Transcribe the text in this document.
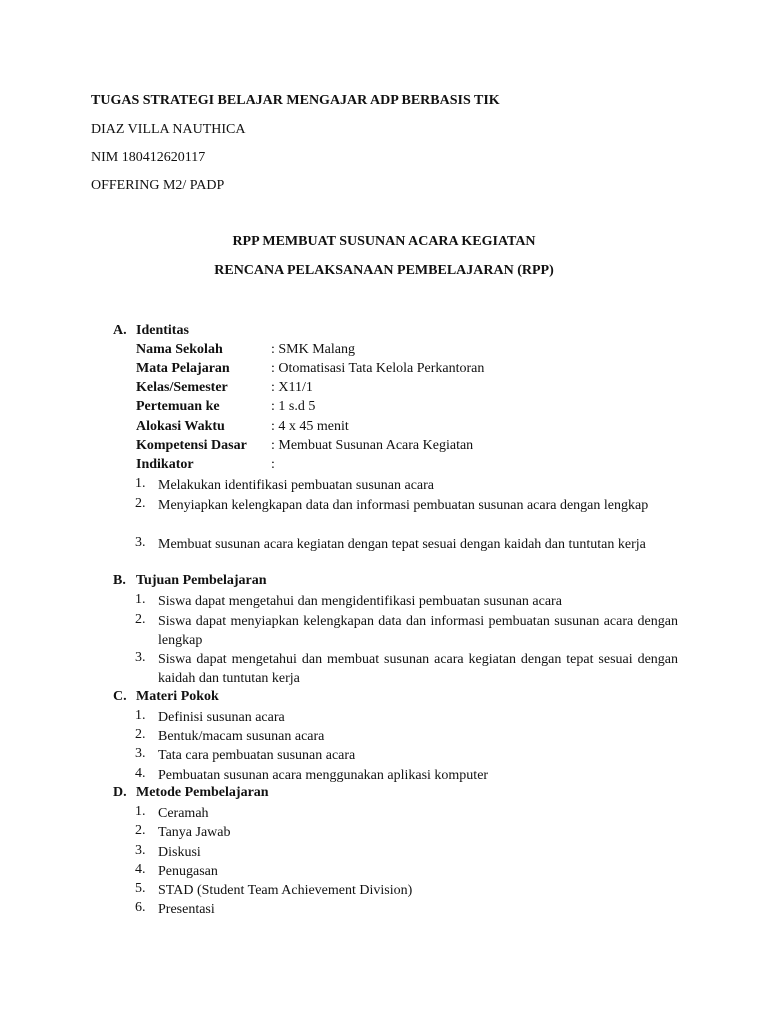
TUGAS STRATEGI BELAJAR MENGAJAR ADP BERBASIS TIK
DIAZ VILLA NAUTHICA
NIM 180412620117
OFFERING M2/ PADP
RPP MEMBUAT SUSUNAN ACARA KEGIATAN
RENCANA PELAKSANAAN PEMBELAJARAN (RPP)
A. Identitas
Nama Sekolah	: SMK Malang
Mata Pelajaran	: Otomatisasi Tata Kelola Perkantoran
Kelas/Semester	: X11/1
Pertemuan ke	: 1 s.d 5
Alokasi Waktu	: 4 x 45 menit
Kompetensi Dasar : Membuat Susunan Acara Kegiatan
Indikator	:
1. Melakukan identifikasi pembuatan susunan acara
2. Menyiapkan kelengkapan data dan informasi pembuatan susunan acara dengan lengkap
3. Membuat susunan acara kegiatan dengan tepat sesuai dengan kaidah dan tuntutan kerja
B. Tujuan Pembelajaran
1. Siswa dapat mengetahui dan mengidentifikasi pembuatan susunan acara
2. Siswa dapat menyiapkan kelengkapan data dan informasi pembuatan susunan acara dengan lengkap
3. Siswa dapat mengetahui dan membuat susunan acara kegiatan dengan tepat sesuai dengan kaidah dan tuntutan kerja
C. Materi Pokok
1. Definisi susunan acara
2. Bentuk/macam susunan acara
3. Tata cara pembuatan susunan acara
4. Pembuatan susunan acara menggunakan aplikasi komputer
D. Metode Pembelajaran
1. Ceramah
2. Tanya Jawab
3. Diskusi
4. Penugasan
5. STAD (Student Team Achievement Division)
6. Presentasi
